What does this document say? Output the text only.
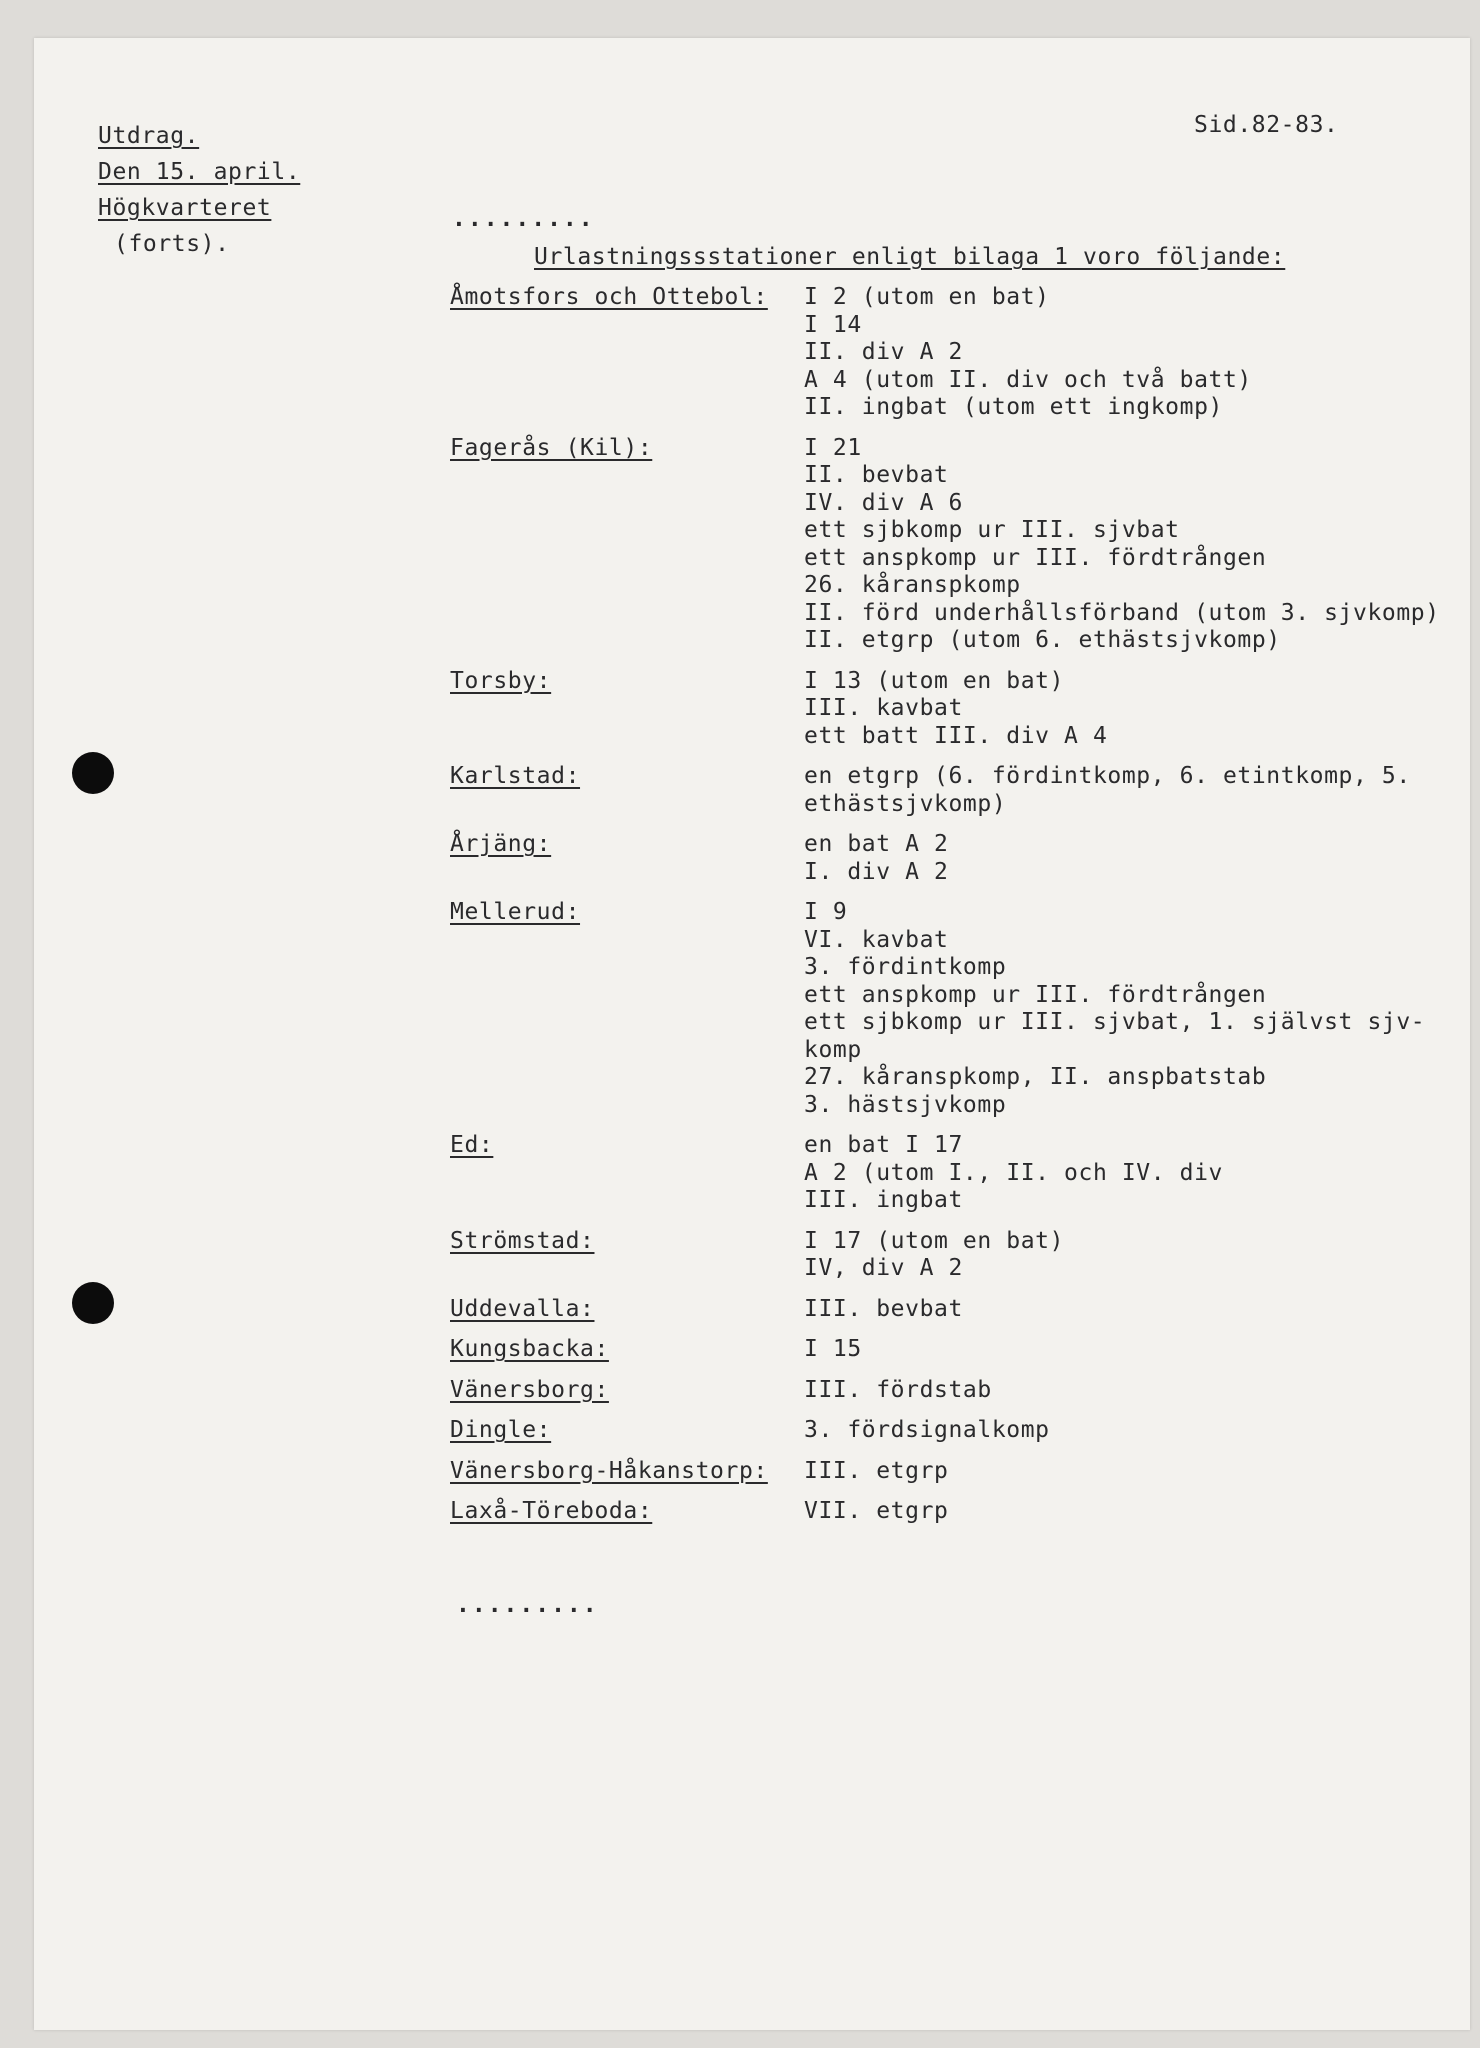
Utdrag.
Den 15. april.
Högkvarteret
(forts).
Sid.82-83.
.........
Urlastningssstationer enligt bilaga 1 voro följande:
Åmotsfors och Ottebol:	I 2 (utom en bat)
I 14
II. div A 2
A 4 (utom II. div och två batt)
II. ingbat (utom ett ingkomp)
Fagerås (Kil):	I 21
II. bevbat
IV. div A 6
ett sjbkomp ur III. sjvbat
ett anspkomp ur III. fördtrången
26. kåranspkomp
II. förd underhållsförband (utom 3. sjvkomp)
II. etgrp (utom 6. ethästsjvkomp)
Torsby:	I 13 (utom en bat)
III. kavbat
ett batt III. div A 4
Karlstad:	en etgrp (6. fördintkomp, 6. etintkomp, 5.
ethästsjvkomp)
Årjäng:	en bat A 2
I. div A 2
Mellerud:	I 9
VI. kavbat
3. fördintkomp
ett anspkomp ur III. fördtrången
ett sjbkomp ur III. sjvbat, 1. självst sjv-
komp
27. kåranspkomp, II. anspbatstab
3. hästsjvkomp
Ed:	en bat I 17
A 2 (utom I., II. och IV. div
III. ingbat
Strömstad:	I 17 (utom en bat)
IV, div A 2
Uddevalla:	III. bevbat
Kungsbacka:	I 15
Vänersborg:	III. fördstab
Dingle:	3. fördsignalkomp
Vänersborg-Håkanstorp:	III. etgrp
Laxå-Töreboda:	VII. etgrp
.........
